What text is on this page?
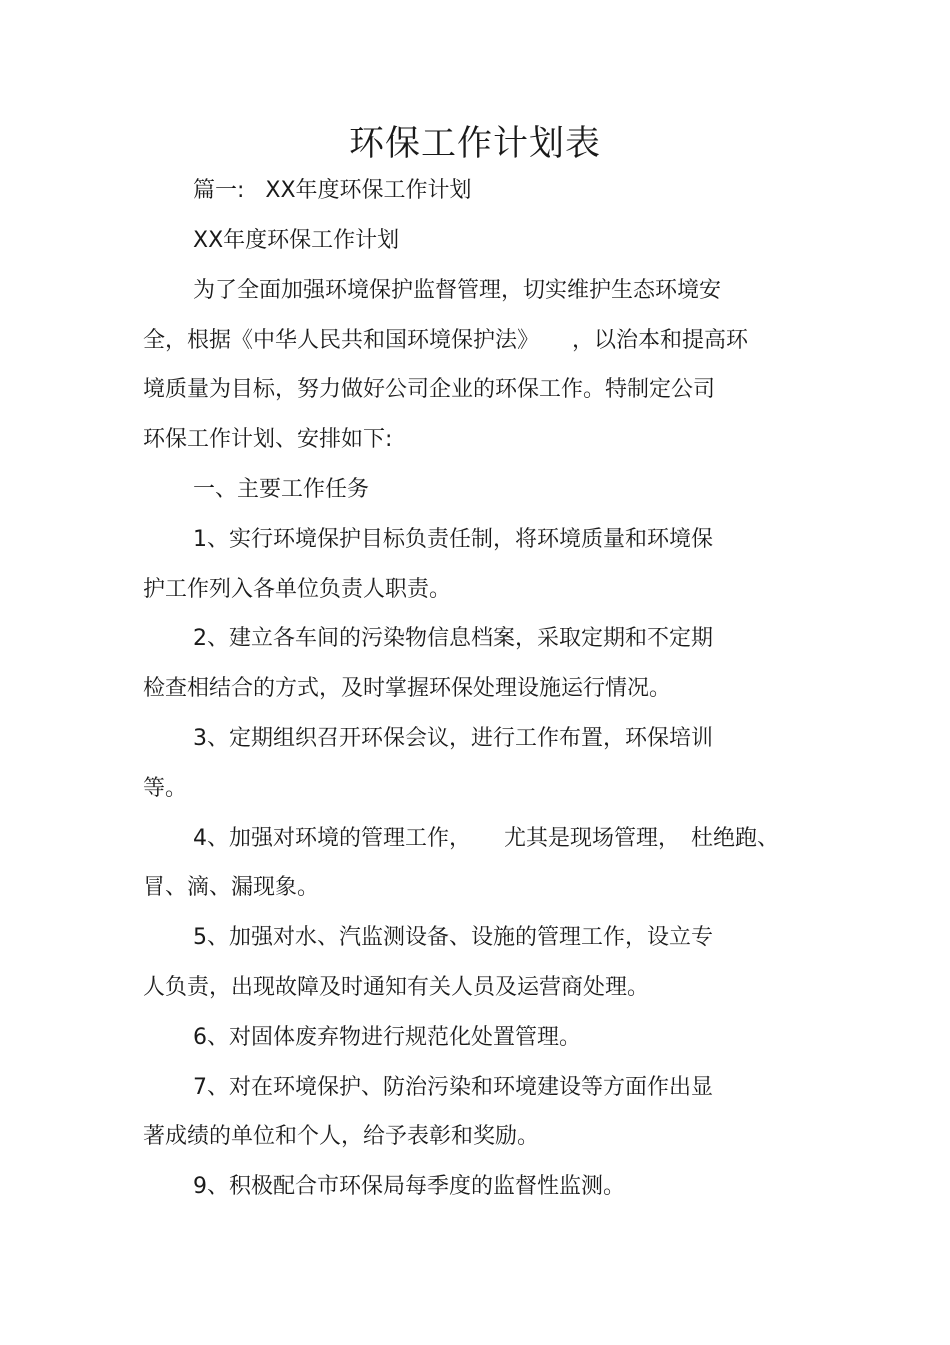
环保工作计划表
篇一:   XX年度环保工作计划
XX年度环保工作计划
为了全面加强环境保护监督管理，切实维护生态环境安
全，根据《中华人民共和国环境保护法》　　，以治本和提高环
境质量为目标，努力做好公司企业的环保工作。特制定公司
环保工作计划、安排如下:
一、主要工作任务
1、实行环境保护目标负责任制，将环境质量和环境保
护工作列入各单位负责人职责。
2、建立各车间的污染物信息档案，采取定期和不定期
检查相结合的方式，及时掌握环保处理设施运行情况。
3、定期组织召开环保会议，进行工作布置，环保培训
等。
4、加强对环境的管理工作，　　尤其是现场管理，　杜绝跑、
冒、滴、漏现象。
5、加强对水、汽监测设备、设施的管理工作，设立专
人负责，出现故障及时通知有关人员及运营商处理。
6、对固体废弃物进行规范化处置管理。
7、对在环境保护、防治污染和环境建设等方面作出显
著成绩的单位和个人，给予表彰和奖励。
9、积极配合市环保局每季度的监督性监测。
